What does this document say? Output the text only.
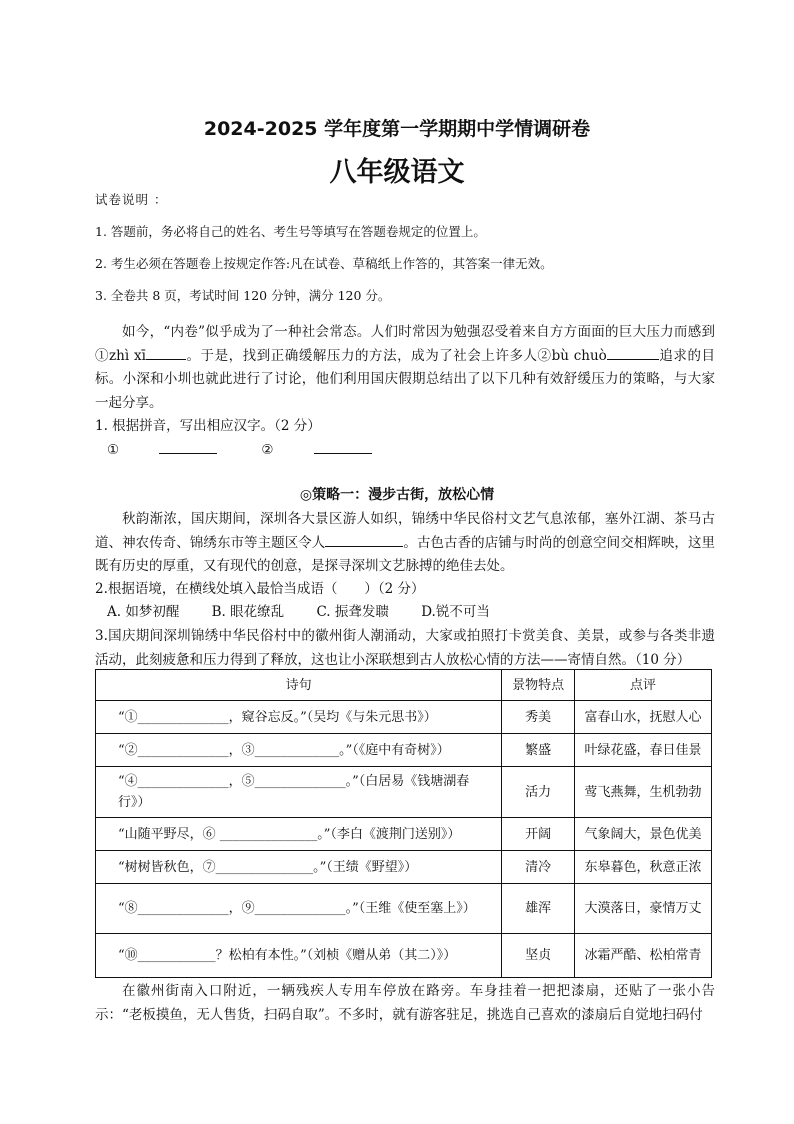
2024-2025 学年度第一学期期中学情调研卷
八年级语文

试卷说明 ：

1. 答题前，务必将自己的姓名、考生号等填写在答题卷规定的位置上。

2. 考生必须在答题卷上按规定作答:凡在试卷、草稿纸上作答的，其答案一律无效。

3. 全卷共 8 页，考试时间 120 分钟，满分 120 分。

如今，“内卷”似乎成为了一种社会常态。人们时常因为勉强忍受着来自方方面面的巨大压力而感到①zhì xī	。于是，找到正确缓解压力的方法，成为了社会上许多人②bù chuò	追求的目标。小深和小圳也就此进行了讨论，他们利用国庆假期总结出了以下几种有效舒缓压力的策略，与大家一起分享。

1. 根据拼音，写出相应汉字。（2 分）

①	②

◎策略一：漫步古街，放松心情

秋韵渐浓，国庆期间，深圳各大景区游人如织，锦绣中华民俗村文艺气息浓郁，塞外江湖、茶马古道、神农传奇、锦绣东市等主题区令人	。古色古香的店铺与时尚的创意空间交相辉映，这里既有历史的厚重，又有现代的创意，是探寻深圳文艺脉搏的绝佳去处。

2.根据语境，在横线处填入最恰当成语（　　）（2 分）

A. 如梦初醒 B. 眼花缭乱 C. 振聋发聩 D.锐不可当

3.国庆期间深圳锦绣中华民俗村中的徽州街人潮涌动，大家或拍照打卡赏美食、美景，或参与各类非遗活动，此刻疲惫和压力得到了释放，这也让小深联想到古人放松心情的方法——寄情自然。（10 分）

诗句	景物特点	点评
“①______________，窥谷忘反。”（吴均《与朱元思书》）	秀美	富春山水，抚慰人心
“②______________，③_____________。”（《庭中有奇树》）	繁盛	叶绿花盛，春日佳景
“④______________，⑤______________。”（白居易《钱塘湖春行》）	活力	莺飞燕舞，生机勃勃
“山随平野尽，⑥ _______________。”（李白《渡荆门送别》）	开阔	气象阔大，景色优美
“树树皆秋色，⑦_______________。”（王绩《野望》）	清冷	东皋暮色，秋意正浓
“⑧______________，⑨______________。”（王维《使至塞上》）	雄浑	大漠落日，豪情万丈
“⑩____________？松柏有本性。”（刘桢《赠从弟（其二）》）	坚贞	冰霜严酷、松柏常青

在徽州街南入口附近，一辆残疾人专用车停放在路旁。车身挂着一把把漆扇，还贴了一张小告示：“老板摸鱼，无人售货，扫码自取”。不多时，就有游客驻足，挑选自己喜欢的漆扇后自觉地扫码付
